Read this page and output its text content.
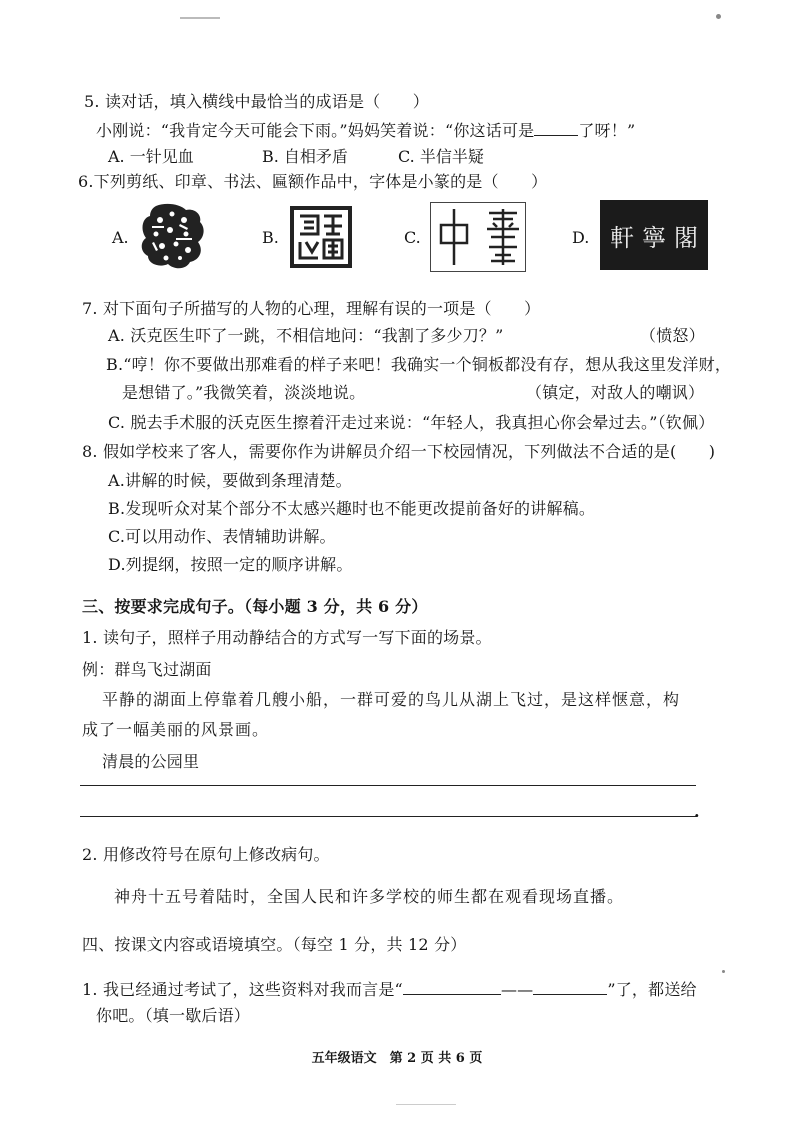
5. 读对话，填入横线中最恰当的成语是（　　）
小刚说：“我肯定今天可能会下雨。”妈妈笑着说：“你这话可是	了呀！”
A. 一针见血	B. 自相矛盾	C. 半信半疑
6.下列剪纸、印章、书法、匾额作品中，字体是小篆的是（　　）
A.	B.	C.	D. 軒 寧 閣
7. 对下面句子所描写的人物的心理，理解有误的一项是（　　）
A. 沃克医生吓了一跳，不相信地问：“我割了多少刀？”	（愤怒）
B.“哼！你不要做出那难看的样子来吧！我确实一个铜板都没有存，想从我这里发洋财，
是想错了。”我微笑着，淡淡地说。	（镇定，对敌人的嘲讽）
C. 脱去手术服的沃克医生擦着汗走过来说：“年轻人，我真担心你会晕过去。”（钦佩）
8. 假如学校来了客人，需要你作为讲解员介绍一下校园情况，下列做法不合适的是(　　)
A.讲解的时候，要做到条理清楚。
B.发现听众对某个部分不太感兴趣时也不能更改提前备好的讲解稿。
C.可以用动作、表情辅助讲解。
D.列提纲，按照一定的顺序讲解。
三、按要求完成句子。（每小题 3 分，共 6 分）
1. 读句子，照样子用动静结合的方式写一写下面的场景。
例：群鸟飞过湖面
平静的湖面上停靠着几艘小船，一群可爱的鸟儿从湖上飞过，是这样惬意，构
成了一幅美丽的风景画。
清晨的公园里
.
2. 用修改符号在原句上修改病句。
神舟十五号着陆时，全国人民和许多学校的师生都在观看现场直播。
四、按课文内容或语境填空。（每空 1 分，共 12 分）
1. 我已经通过考试了，这些资料对我而言是“	——	”了，都送给
你吧。（填一歇后语）
五年级语文　第 2 页 共 6 页
